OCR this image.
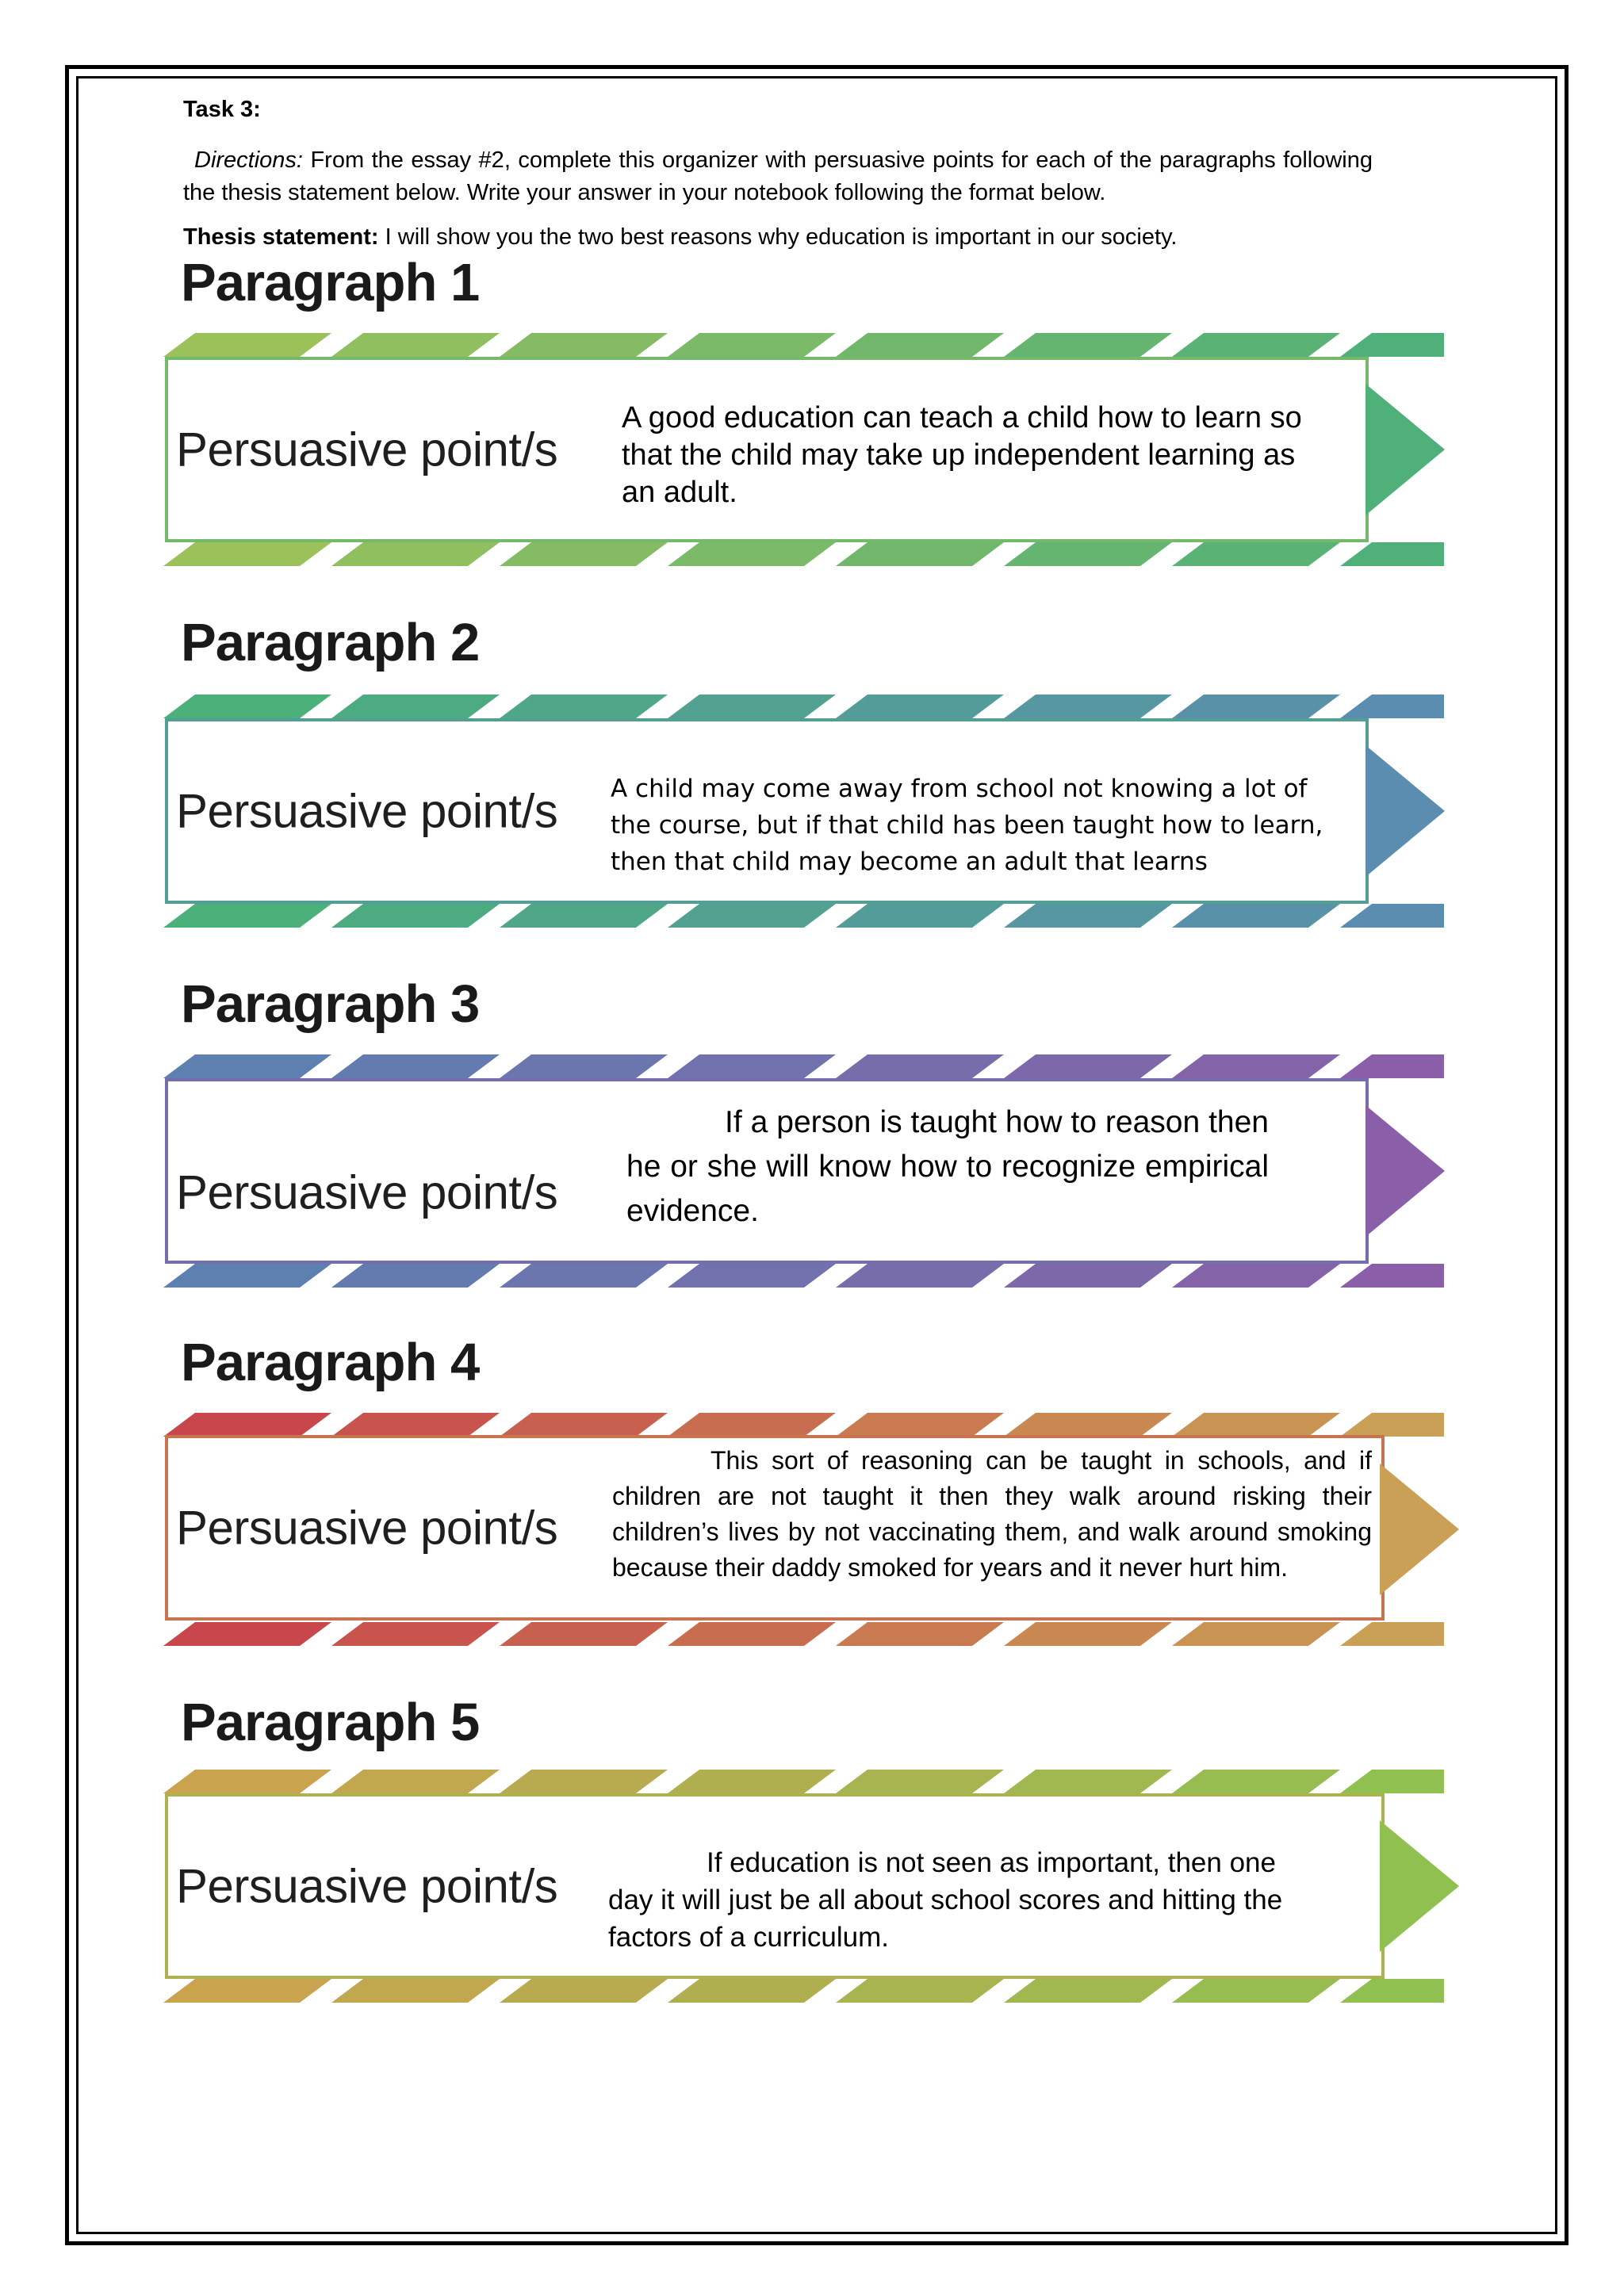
Task 3:
Directions: From the essay #2, complete this organizer with persuasive points for each of the paragraphs following the thesis statement below. Write your answer in your notebook following the format below.
Thesis statement: I will show you the two best reasons why education is important in our society.
Paragraph 1
Persuasive point/s
A good education can teach a child how to learn so that the child may take up independent learning as an adult.
Paragraph 2
Persuasive point/s A child may come away from school not knowing a lot of the course, but if that child has been taught how to learn, then that child may become an adult that learns
Paragraph 3
Persuasive point/s
If a person is taught how to reason then he or she will know how to recognize empirical evidence.
Paragraph 4
Persuasive point/s
This sort of reasoning can be taught in schools, and if children are not taught it then they walk around risking their children’s lives by not vaccinating them, and walk around smoking because their daddy smoked for years and it never hurt him.
Paragraph 5
Persuasive point/s	If education is not seen as important, then one day it will just be all about school scores and hitting the factors of a curriculum.
